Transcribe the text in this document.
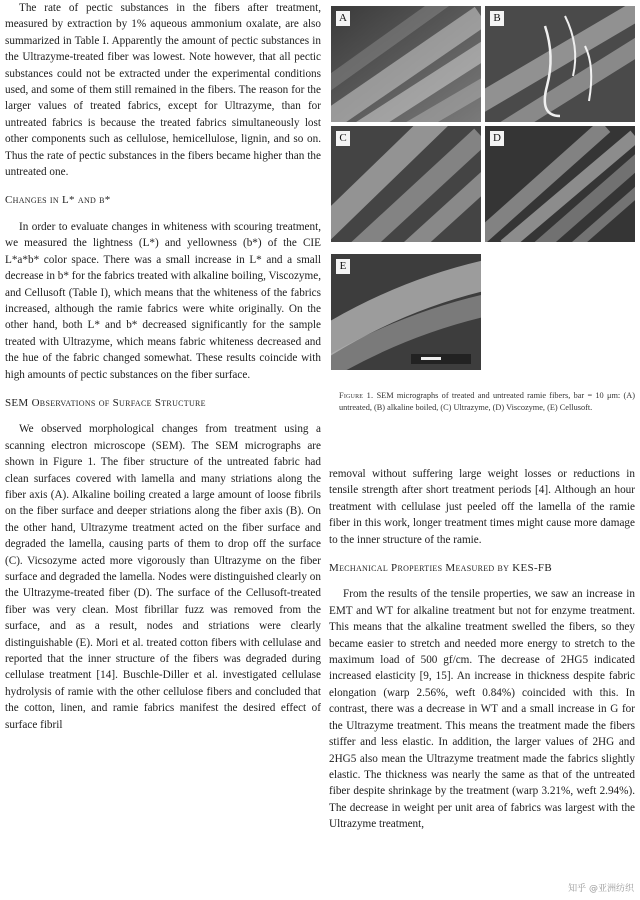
The rate of pectic substances in the fibers after treatment, measured by extraction by 1% aqueous ammonium oxalate, are also summarized in Table I. Apparently the amount of pectic substances in the Ultrazyme-treated fiber was lowest. Note however, that all pectic substances could not be extracted under the experimental conditions used, and some of them still remained in the fibers. The reason for the larger values of treated fabrics, except for Ultrazyme, than for untreated fabrics is because the treated fabrics simultaneously lost other components such as cellulose, hemicellulose, lignin, and so on. Thus the rate of pectic substances in the fibers became higher than the untreated one.

Changes in L* and b*

In order to evaluate changes in whiteness with scouring treatment, we measured the lightness (L*) and yellowness (b*) of the CIE L*a*b* color space. There was a small increase in L* and a small decrease in b* for the fabrics treated with alkaline boiling, Viscozyme, and Cellusoft (Table I), which means that the whiteness of the fabrics increased, although the ramie fabrics were white originally. On the other hand, both L* and b* decreased significantly for the sample treated with Ultrazyme, which means fabric whiteness decreased and the hue of the fabric changed somewhat. These results coincide with high amounts of pectic substances on the fiber surface.

SEM Observations of Surface Structure

We observed morphological changes from treatment using a scanning electron microscope (SEM). The SEM micrographs are shown in Figure 1. The fiber structure of the untreated fabric had clean surfaces covered with lamella and many striations along the fiber axis (A). Alkaline boiling created a large amount of loose fibrils on the fiber surface and deeper striations along the fiber axis (B). On the other hand, Ultrazyme treatment acted on the fiber surface and degraded the lamella, causing parts of them to drop off the surface (C). Vicsozyme acted more vigorously than Ultrazyme on the fiber surface and degraded the lamella. Nodes were distinguished clearly on the Ultrazyme-treated fiber (D). The surface of the Cellusoft-treated fiber was very clean. Most fibrillar fuzz was removed from the surface, and as a result, nodes and striations were clearly distinguishable (E). Mori et al. treated cotton fibers with cellulase and reported that the inner structure of the fibers was degraded during cellulase treatment [14]. Buschle-Diller et al. investigated cellulase hydrolysis of ramie with the other cellulose fibers and concluded that the cotton, linen, and ramie fabrics manifest the desired effect of surface fibril

A	B
C	D
E
Figure 1. SEM micrographs of treated and untreated ramie fibers, bar = 10 μm: (A) untreated, (B) alkaline boiled, (C) Ultrazyme, (D) Viscozyme, (E) Cellusoft.

removal without suffering large weight losses or reductions in tensile strength after short treatment periods [4]. Although an hour treatment with cellulase just peeled off the lamella of the ramie fiber in this work, longer treatment times might cause more damage to the inner structure of the ramie.

Mechanical Properties Measured by KES-FB

From the results of the tensile properties, we saw an increase in EMT and WT for alkaline treatment but not for enzyme treatment. This means that the alkaline treatment swelled the fibers, so they became easier to stretch and needed more energy to stretch to the maximum load of 500 gf/cm. The decrease of 2HG5 indicated increased elasticity [9, 15]. An increase in thickness despite fabric elongation (warp 2.56%, weft 0.84%) coincided with this. In contrast, there was a decrease in WT and a small increase in G for the Ultrazyme treatment. This means the treatment made the fibers stiffer and less elastic. In addition, the larger values of 2HG and 2HG5 also mean the Ultrazyme treatment made the fabrics slightly elastic. The thickness was nearly the same as that of the untreated fiber despite shrinkage by the treatment (warp 3.21%, weft 2.94%). The decrease in weight per unit area of fabrics was largest with the Ultrazyme treatment,

知乎 @亚洲纺织
